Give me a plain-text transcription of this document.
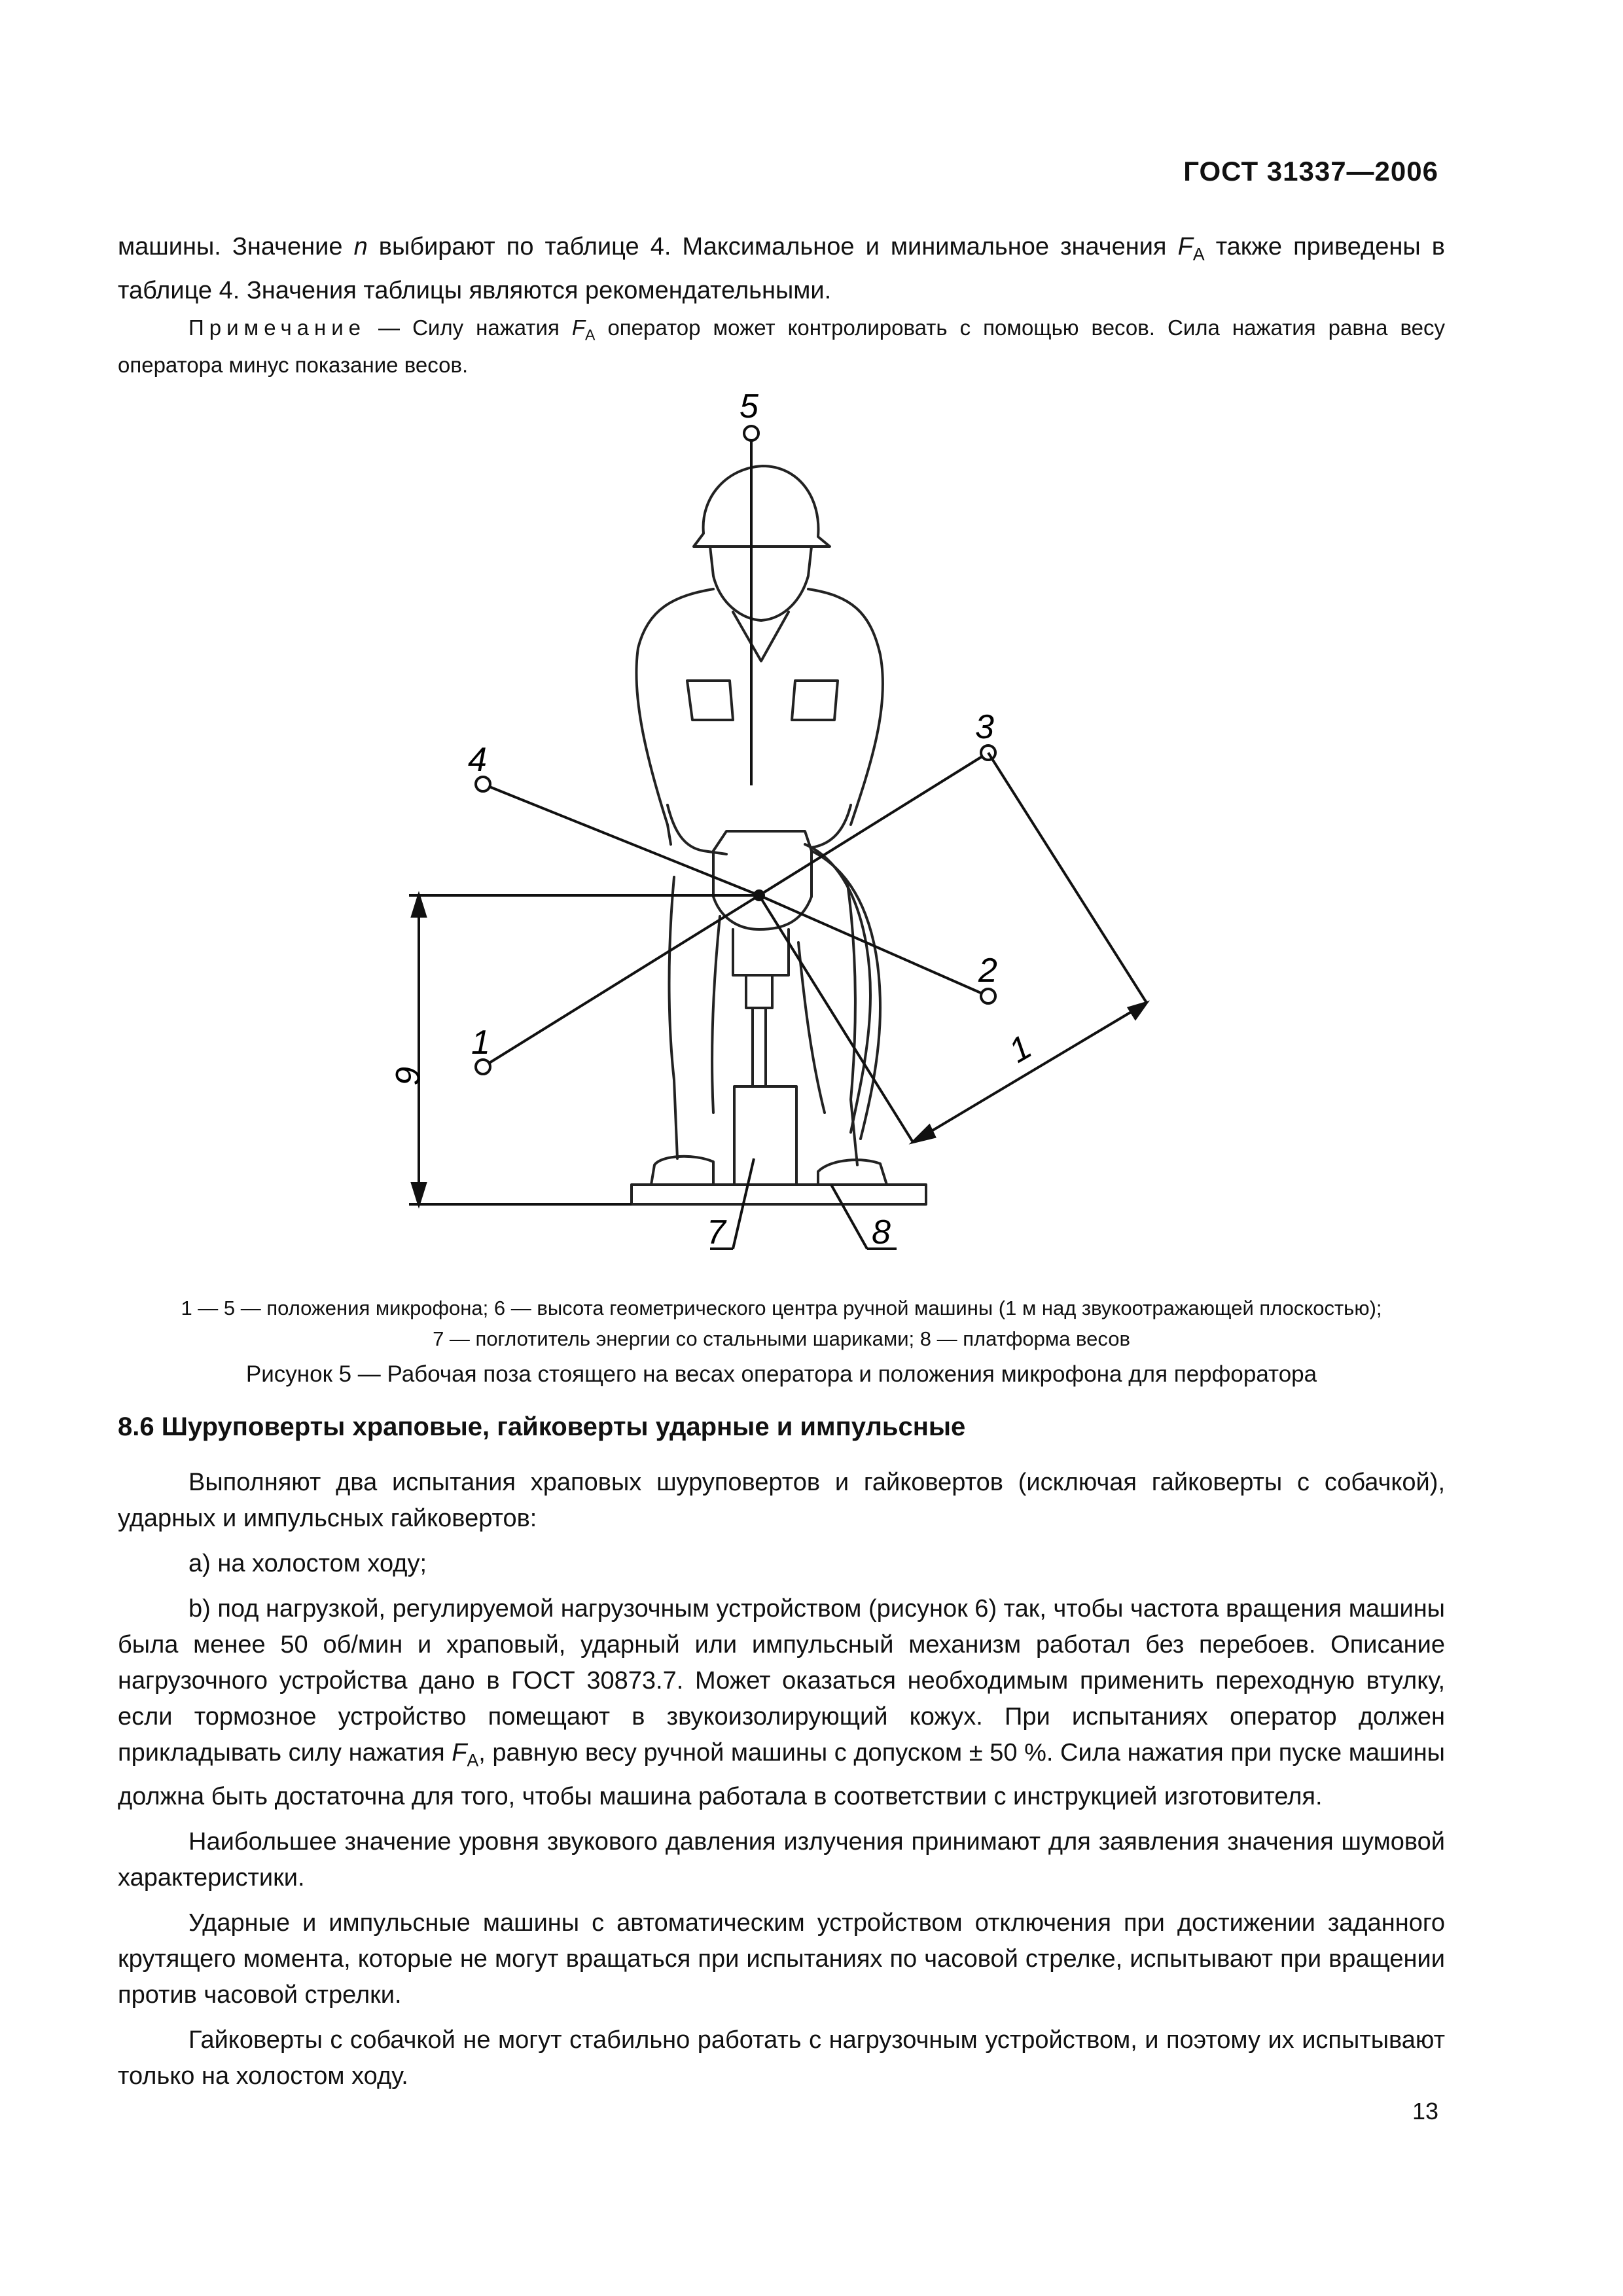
ГОСТ 31337—2006

машины. Значение n выбирают по таблице 4. Максимальное и минимальное значения $F_A$ также приведены в таблице 4. Значения таблицы являются рекомендательными.

Примечание — Силу нажатия $F_A$ оператор может контролировать с помощью весов. Сила нажатия равна весу оператора минус показание весов.
5
4
3
2
1
6
1
7	8
1 — 5 — положения микрофона; 6 — высота геометрического центра ручной машины (1 м над звукоотражающей плоскостью);
7 — поглотитель энергии со стальными шариками; 8 — платформа весов
Рисунок 5 — Рабочая поза стоящего на весах оператора и положения микрофона для перфоратора
8.6 Шуруповерты храповые, гайковерты ударные и импульсные

Выполняют два испытания храповых шуруповертов и гайковертов (исключая гайковерты с собачкой), ударных и импульсных гайковертов:

а) на холостом ходу;

b) под нагрузкой, регулируемой нагрузочным устройством (рисунок 6) так, чтобы частота вращения машины была менее 50 об/мин и храповый, ударный или импульсный механизм работал без перебоев. Описание нагрузочного устройства дано в ГОСТ 30873.7. Может оказаться необходимым применить переходную втулку, если тормозное устройство помещают в звукоизолирующий кожух. При испытаниях оператор должен прикладывать силу нажатия $F_A$, равную весу ручной машины с допуском ± 50 %. Сила нажатия при пуске машины должна быть достаточна для того, чтобы машина работала в соответствии с инструкцией изготовителя.

Наибольшее значение уровня звукового давления излучения принимают для заявления значения шумовой характеристики.

Ударные и импульсные машины с автоматическим устройством отключения при достижении заданного крутящего момента, которые не могут вращаться при испытаниях по часовой стрелке, испытывают при вращении против часовой стрелки.

Гайковерты с собачкой не могут стабильно работать с нагрузочным устройством, и поэтому их испытывают только на холостом ходу.

13
